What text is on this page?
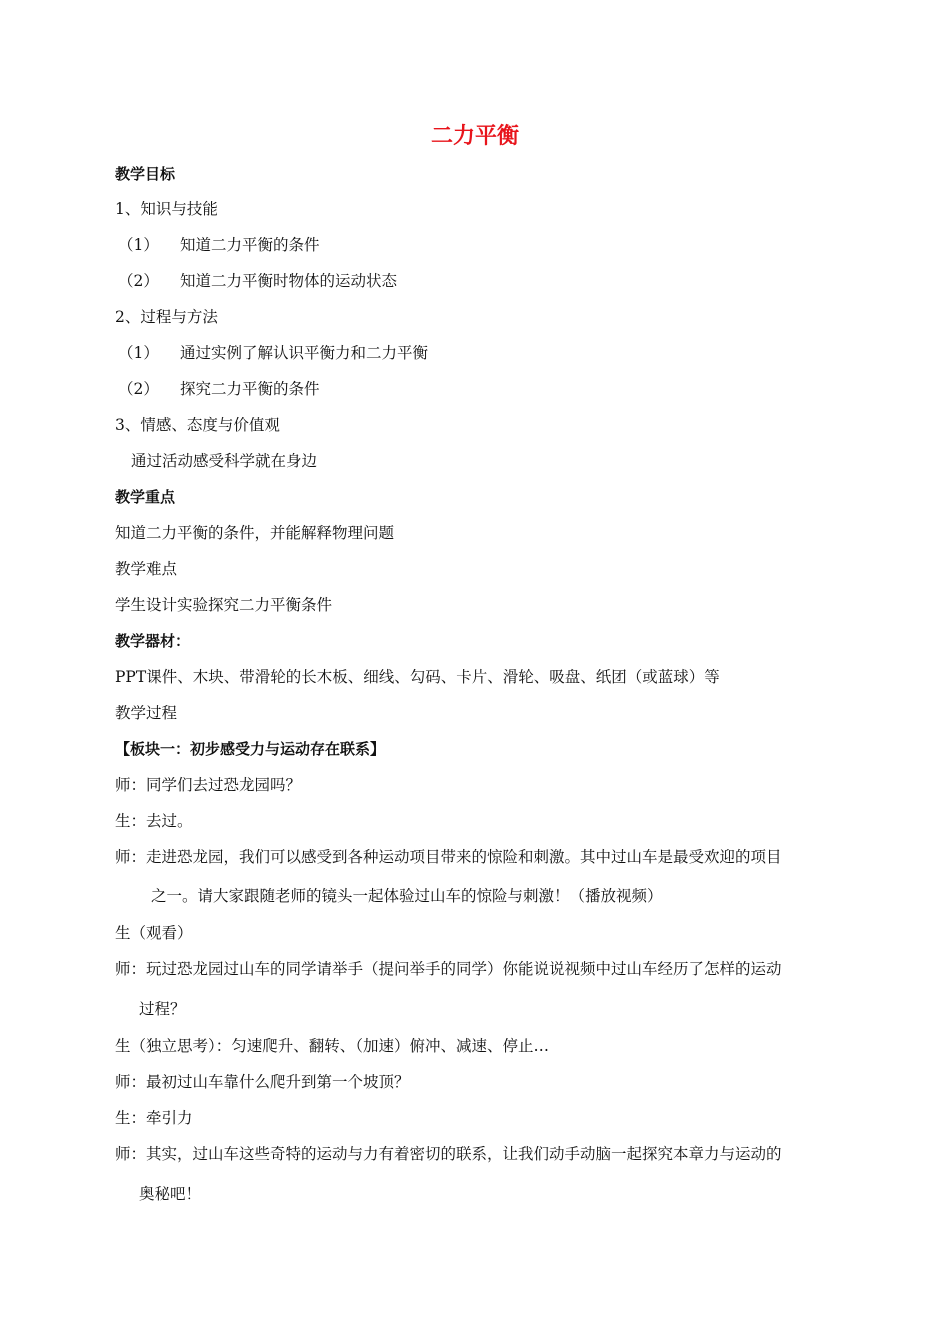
二力平衡
教学目标
1、知识与技能
（1） 知道二力平衡的条件
（2） 知道二力平衡时物体的运动状态
2、过程与方法
（1） 通过实例了解认识平衡力和二力平衡
（2） 探究二力平衡的条件
3、情感、态度与价值观
通过活动感受科学就在身边
教学重点
知道二力平衡的条件，并能解释物理问题
教学难点
学生设计实验探究二力平衡条件
教学器材：
PPT课件、木块、带滑轮的长木板、细线、勾码、卡片、滑轮、吸盘、纸团（或蓝球）等
教学过程
【板块一：初步感受力与运动存在联系】
师：同学们去过恐龙园吗？
生：去过。
师：走进恐龙园，我们可以感受到各种运动项目带来的惊险和刺激。其中过山车是最受欢迎的项目
之一。请大家跟随老师的镜头一起体验过山车的惊险与刺激！（播放视频）
生（观看）
师：玩过恐龙园过山车的同学请举手（提问举手的同学）你能说说视频中过山车经历了怎样的运动
过程？
生（独立思考）：匀速爬升、翻转、（加速）俯冲、减速、停止…
师：最初过山车靠什么爬升到第一个坡顶？
生：牵引力
师：其实，过山车这些奇特的运动与力有着密切的联系，让我们动手动脑一起探究本章力与运动的
奥秘吧！
